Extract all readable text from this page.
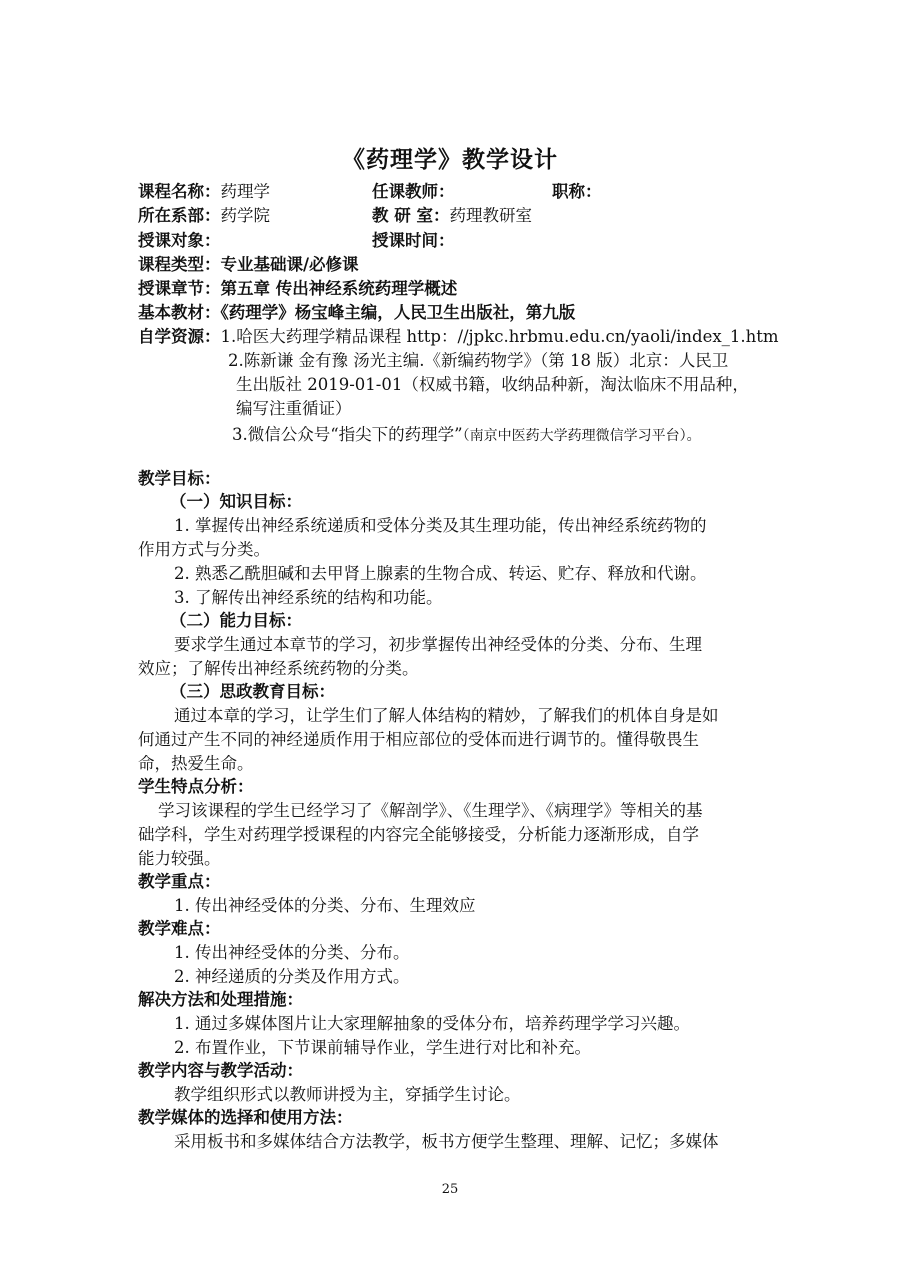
《药理学》教学设计
课程名称：药理学	任课教师：	职称：
所在系部：药学院	教 研 室：药理教研室
授课对象：	授课时间：
课程类型：专业基础课/必修课
授课章节：第五章 传出神经系统药理学概述
基本教材：《药理学》杨宝峰主编，人民卫生出版社，第九版
自学资源：1.哈医大药理学精品课程 http：//jpkc.hrbmu.edu.cn/yaoli/index_1.htm
2.陈新谦 金有豫 汤光主编.《新编药物学》（第 18 版）北京：人民卫
生出版社 2019-01-01（权威书籍，收纳品种新，淘汰临床不用品种，
编写注重循证）
3.微信公众号“指尖下的药理学”（南京中医药大学药理微信学习平台）。
教学目标：
（一）知识目标：
1. 掌握传出神经系统递质和受体分类及其生理功能，传出神经系统药物的
作用方式与分类。
2. 熟悉乙酰胆碱和去甲肾上腺素的生物合成、转运、贮存、释放和代谢。
3. 了解传出神经系统的结构和功能。
（二）能力目标：
要求学生通过本章节的学习，初步掌握传出神经受体的分类、分布、生理
效应；了解传出神经系统药物的分类。
（三）思政教育目标：
通过本章的学习，让学生们了解人体结构的精妙，了解我们的机体自身是如
何通过产生不同的神经递质作用于相应部位的受体而进行调节的。懂得敬畏生
命，热爱生命。
学生特点分析：
学习该课程的学生已经学习了《解剖学》、《生理学》、《病理学》等相关的基
础学科，学生对药理学授课程的内容完全能够接受，分析能力逐渐形成，自学
能力较强。
教学重点：
1. 传出神经受体的分类、分布、生理效应
教学难点：
1. 传出神经受体的分类、分布。
2. 神经递质的分类及作用方式。
解决方法和处理措施：
1. 通过多媒体图片让大家理解抽象的受体分布，培养药理学学习兴趣。
2. 布置作业，下节课前辅导作业，学生进行对比和补充。
教学内容与教学活动：
教学组织形式以教师讲授为主，穿插学生讨论。
教学媒体的选择和使用方法：
采用板书和多媒体结合方法教学，板书方便学生整理、理解、记忆；多媒体
25
